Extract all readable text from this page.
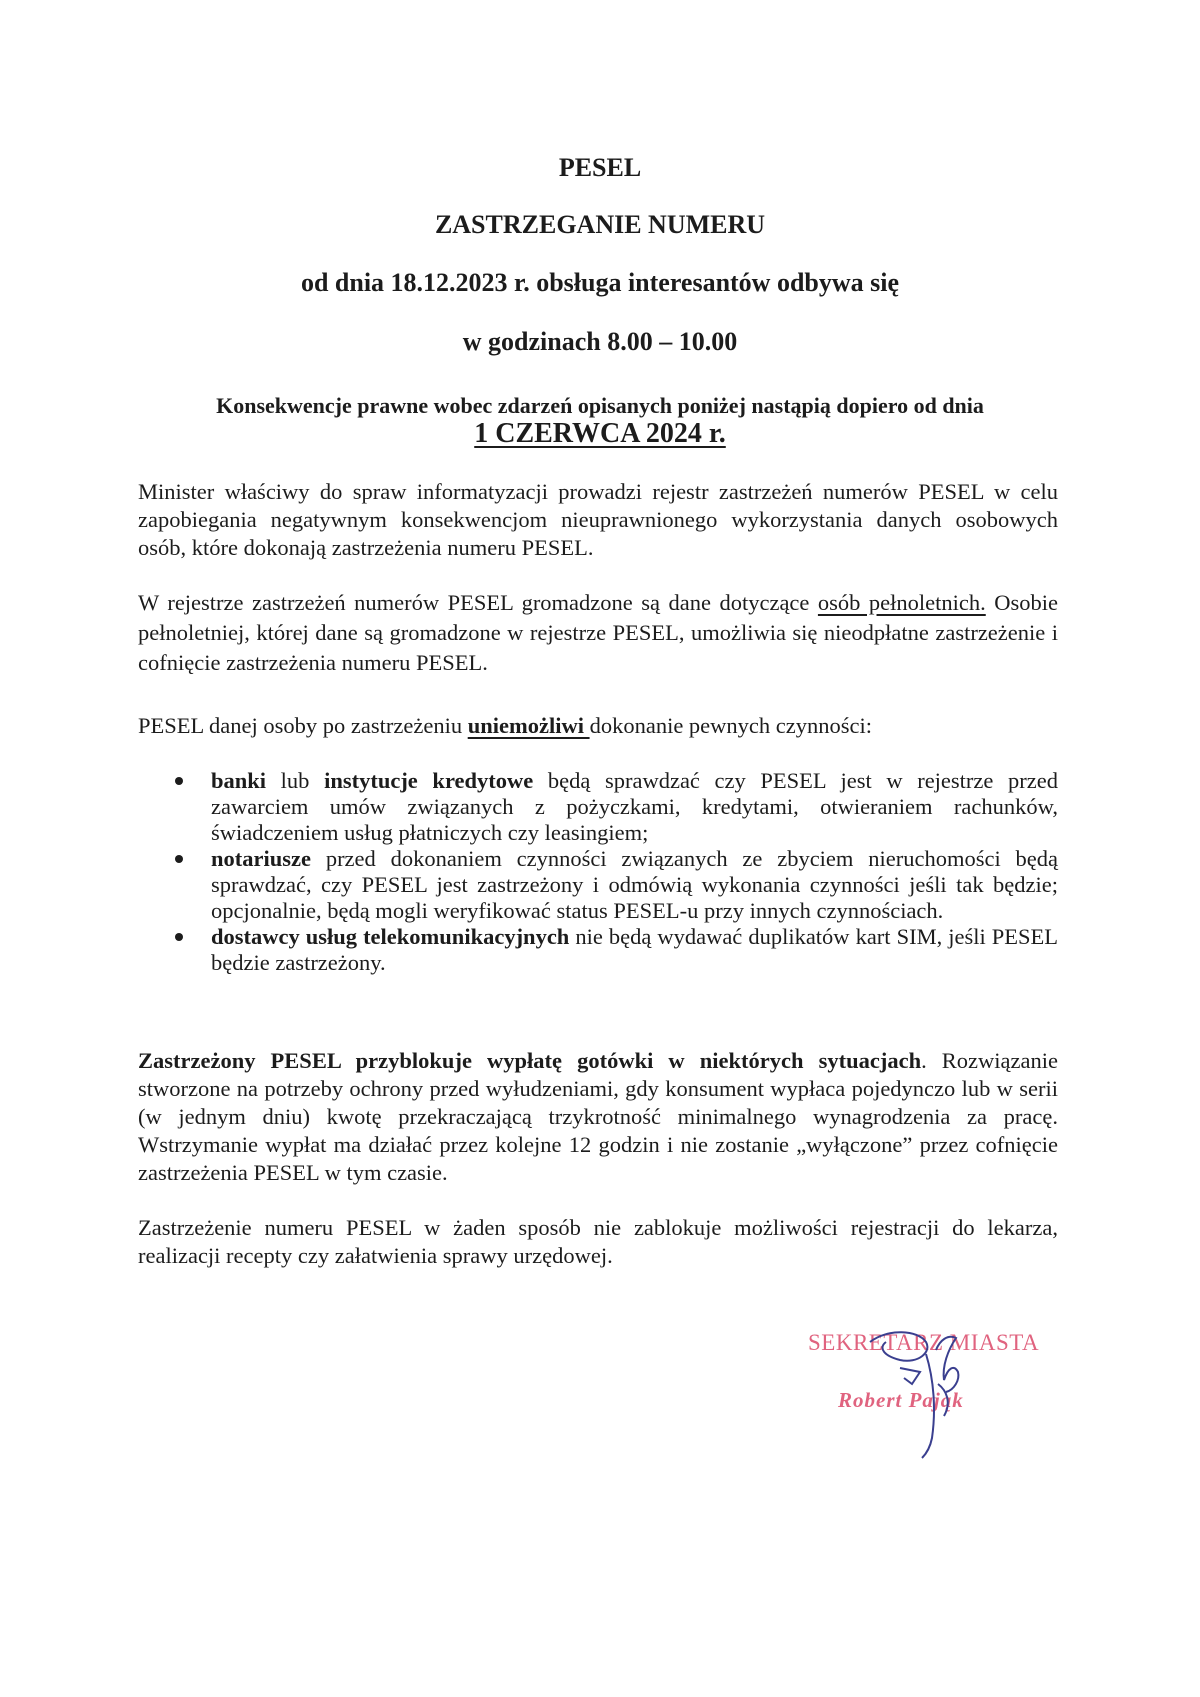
PESEL
ZASTRZEGANIE NUMERU
od dnia 18.12.2023 r. obsługa interesantów odbywa się
w godzinach 8.00 – 10.00
Konsekwencje prawne wobec zdarzeń opisanych poniżej nastąpią dopiero od dnia
1 CZERWCA 2024 r.
Minister właściwy do spraw informatyzacji prowadzi rejestr zastrzeżeń numerów PESEL w celu zapobiegania negatywnym konsekwencjom nieuprawnionego wykorzystania danych osobowych osób, które dokonają zastrzeżenia numeru PESEL.
W rejestrze zastrzeżeń numerów PESEL gromadzone są dane dotyczące osób pełnoletnich. Osobie pełnoletniej, której dane są gromadzone w rejestrze PESEL, umożliwia się nieodpłatne zastrzeżenie i cofnięcie zastrzeżenia numeru PESEL.
PESEL danej osoby po zastrzeżeniu uniemożliwi dokonanie pewnych czynności:
banki lub instytucje kredytowe będą sprawdzać czy PESEL jest w rejestrze przed zawarciem umów związanych z pożyczkami, kredytami, otwieraniem rachunków, świadczeniem usług płatniczych czy leasingiem;
notariusze przed dokonaniem czynności związanych ze zbyciem nieruchomości będą sprawdzać, czy PESEL jest zastrzeżony i odmówią wykonania czynności jeśli tak będzie; opcjonalnie, będą mogli weryfikować status PESEL-u przy innych czynnościach.
dostawcy usług telekomunikacyjnych nie będą wydawać duplikatów kart SIM, jeśli PESEL będzie zastrzeżony.
Zastrzeżony PESEL przyblokuje wypłatę gotówki w niektórych sytuacjach. Rozwiązanie stworzone na potrzeby ochrony przed wyłudzeniami, gdy konsument wypłaca pojedynczo lub w serii (w jednym dniu) kwotę przekraczającą trzykrotność minimalnego wynagrodzenia za pracę. Wstrzymanie wypłat ma działać przez kolejne 12 godzin i nie zostanie „wyłączone” przez cofnięcie zastrzeżenia PESEL w tym czasie.
Zastrzeżenie numeru PESEL w żaden sposób nie zablokuje możliwości rejestracji do lekarza, realizacji recepty czy załatwienia sprawy urzędowej.
SEKRETARZ MIASTA
Robert Pająk
